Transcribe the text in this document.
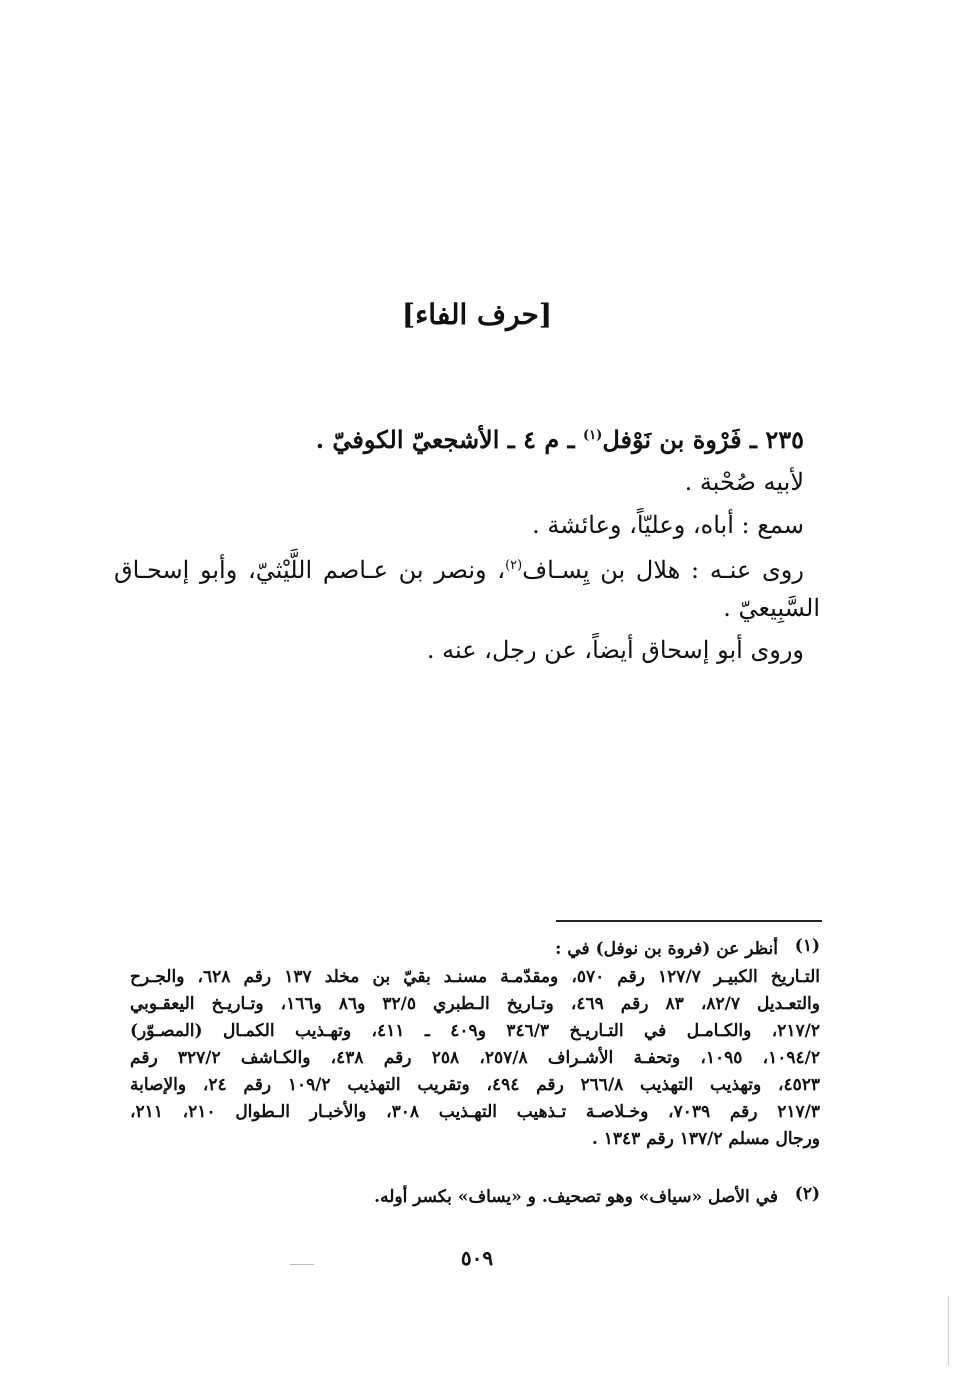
[حرف الفاء]
٢٣٥ ـ فَرْوة بن نَوْفل$^{(١)}$ ـ م ٤ ـ الأشجعيّ الكوفيّ .
لأبيه صُحْبة .
سمع : أباه، وعليّاً، وعائشة .
روى عنـه : هلال بن يِسـاف$^{(٢)}$، ونصر بن عـاصم اللَّيْثيّ، وأبو إسحـاق
السَّبِيعيّ .
وروى أبو إسحاق أيضاً، عن رجل، عنه .
(١)
أنظر عن (فروة بن نوفل) في :
التـاريخ الكبيـر ١٢٧/٧ رقم ٥٧٠، ومقدّمـة مسنـد بقيّ بن مخلد ١٣٧ رقم ٦٢٨، والجـرح
والتعـديل ٨٢/٧، ٨٣ رقم ٤٦٩، وتـاريخ الـطبري ٣٢/٥ و٨٦ و١٦٦، وتـاريـخ اليعقـوبي
٢١٧/٢، والكـامـل في التـاريـخ ٣٤٦/٣ و٤٠٩ ـ ٤١١، وتهـذيب الكمـال (المصـوّر)
١٠٩٤/٢، ١٠٩٥، وتحفـة الأشـراف ٢٥٧/٨، ٢٥٨ رقم ٤٣٨، والكـاشف ٣٢٧/٢ رقم
٤٥٢٣، وتهذيب التهذيب ٢٦٦/٨ رقم ٤٩٤، وتقريب التهذيب ١٠٩/٢ رقم ٢٤، والإصابة
٢١٧/٣ رقم ٧٠٣٩، وخـلاصـة تـذهيب التهـذيب ٣٠٨، والأخبـار الـطوال ٢١٠، ٢١١،
ورجال مسلم ١٣٧/٢ رقم ١٣٤٣ .
(٢)
في الأصل «سياف» وهو تصحيف. و «يساف» بكسر أوله.
٥٠٩
